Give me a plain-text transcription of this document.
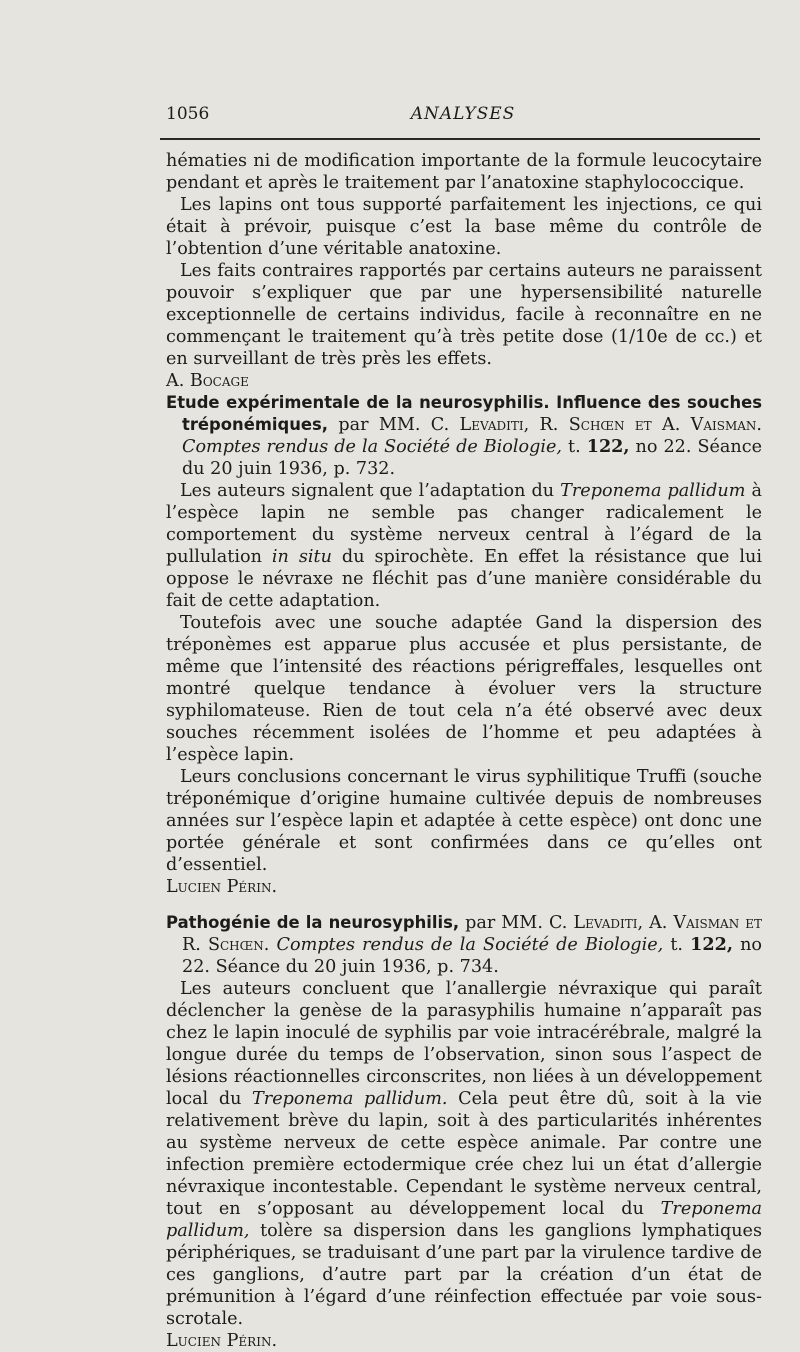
1056	ANALYSES

hématies ni de modification importante de la formule leucocytaire pendant et après le traitement par l’anatoxine staphylococcique.

Les lapins ont tous supporté parfaitement les injections, ce qui était à prévoir, puisque c’est la base même du contrôle de l’obtention d’une véritable anatoxine.

Les faits contraires rapportés par certains auteurs ne paraissent pouvoir s’expliquer que par une hypersensibilité naturelle exceptionnelle de certains individus, facile à reconnaître en ne commençant le traitement qu’à très petite dose (1/10e de cc.) et en surveillant de très près les effets.

A. Bocage

Etude expérimentale de la neurosyphilis. Influence des souches tréponémiques, par MM. C. Levaditi, R. Schœn et A. Vaisman. Comptes rendus de la Société de Biologie, t. 122, no 22. Séance du 20 juin 1936, p. 732.

Les auteurs signalent que l’adaptation du Treponema pallidum à l’espèce lapin ne semble pas changer radicalement le comportement du système nerveux central à l’égard de la pullulation in situ du spirochète. En effet la résistance que lui oppose le névraxe ne fléchit pas d’une manière considérable du fait de cette adaptation.

Toutefois avec une souche adaptée Gand la dispersion des tréponèmes est apparue plus accusée et plus persistante, de même que l’intensité des réactions périgreffales, lesquelles ont montré quelque tendance à évoluer vers la structure syphilomateuse. Rien de tout cela n’a été observé avec deux souches récemment isolées de l’homme et peu adaptées à l’espèce lapin.

Leurs conclusions concernant le virus syphilitique Truffi (souche tréponémique d’origine humaine cultivée depuis de nombreuses années sur l’espèce lapin et adaptée à cette espèce) ont donc une portée générale et sont confirmées dans ce qu’elles ont d’essentiel.

Lucien Périn.

Pathogénie de la neurosyphilis, par MM. C. Levaditi, A. Vaisman et R. Schœn. Comptes rendus de la Société de Biologie, t. 122, no 22. Séance du 20 juin 1936, p. 734.

Les auteurs concluent que l’anallergie névraxique qui paraît déclencher la genèse de la parasyphilis humaine n’apparaît pas chez le lapin inoculé de syphilis par voie intracérébrale, malgré la longue durée du temps de l’observation, sinon sous l’aspect de lésions réactionnelles circonscrites, non liées à un développement local du Treponema pallidum. Cela peut être dû, soit à la vie relativement brève du lapin, soit à des particularités inhérentes au système nerveux de cette espèce animale. Par contre une infection première ectodermique crée chez lui un état d’allergie névraxique incontestable. Cependant le système nerveux central, tout en s’opposant au développement local du Treponema pallidum, tolère sa dispersion dans les ganglions lymphatiques périphériques, se traduisant d’une part par la virulence tardive de ces ganglions, d’autre part par la création d’un état de prémunition à l’égard d’une réinfection effectuée par voie sous-scrotale.

Lucien Périn.
